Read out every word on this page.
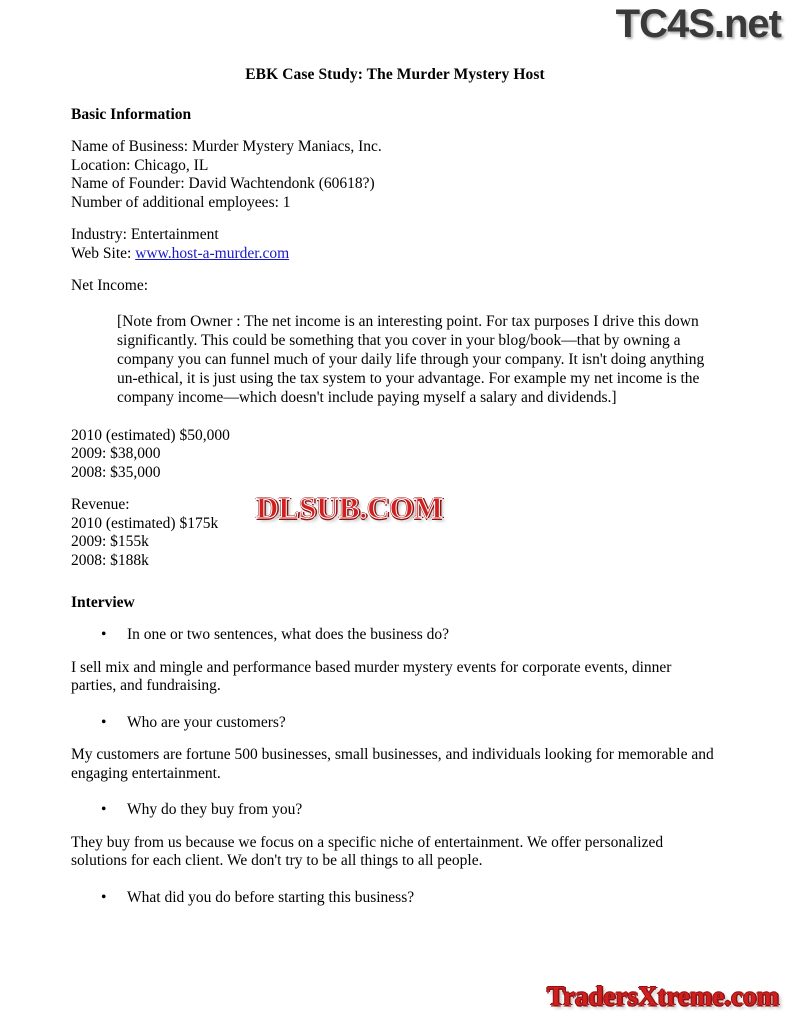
TC4S.net
EBK Case Study: The Murder Mystery Host
Basic Information

Name of Business: Murder Mystery Maniacs, Inc.

Location: Chicago, IL

Name of Founder: David Wachtendonk (60618?)

Number of additional employees: 1

Industry: Entertainment

Web Site: www.host-a-murder.com

Net Income:

[Note from Owner : The net income is an interesting point. For tax purposes I drive this down significantly. This could be something that you cover in your blog/book—that by owning a company you can funnel much of your daily life through your company. It isn't doing anything un-ethical, it is just using the tax system to your advantage. For example my net income is the company income—which doesn't include paying myself a salary and dividends.]

2010 (estimated) $50,000

2009: $38,000

2008: $35,000

Revenue:

2010 (estimated) $175k

2009: $155k

2008: $188k

Interview
• In one or two sentences, what does the business do?
I sell mix and mingle and performance based murder mystery events for corporate events, dinner parties, and fundraising.
• Who are your customers?
My customers are fortune 500 businesses, small businesses, and individuals looking for memorable and engaging entertainment.
• Why do they buy from you?
They buy from us because we focus on a specific niche of entertainment. We offer personalized solutions for each client. We don't try to be all things to all people.
• What did you do before starting this business?
DLSUB.COM
TradersXtreme.com
